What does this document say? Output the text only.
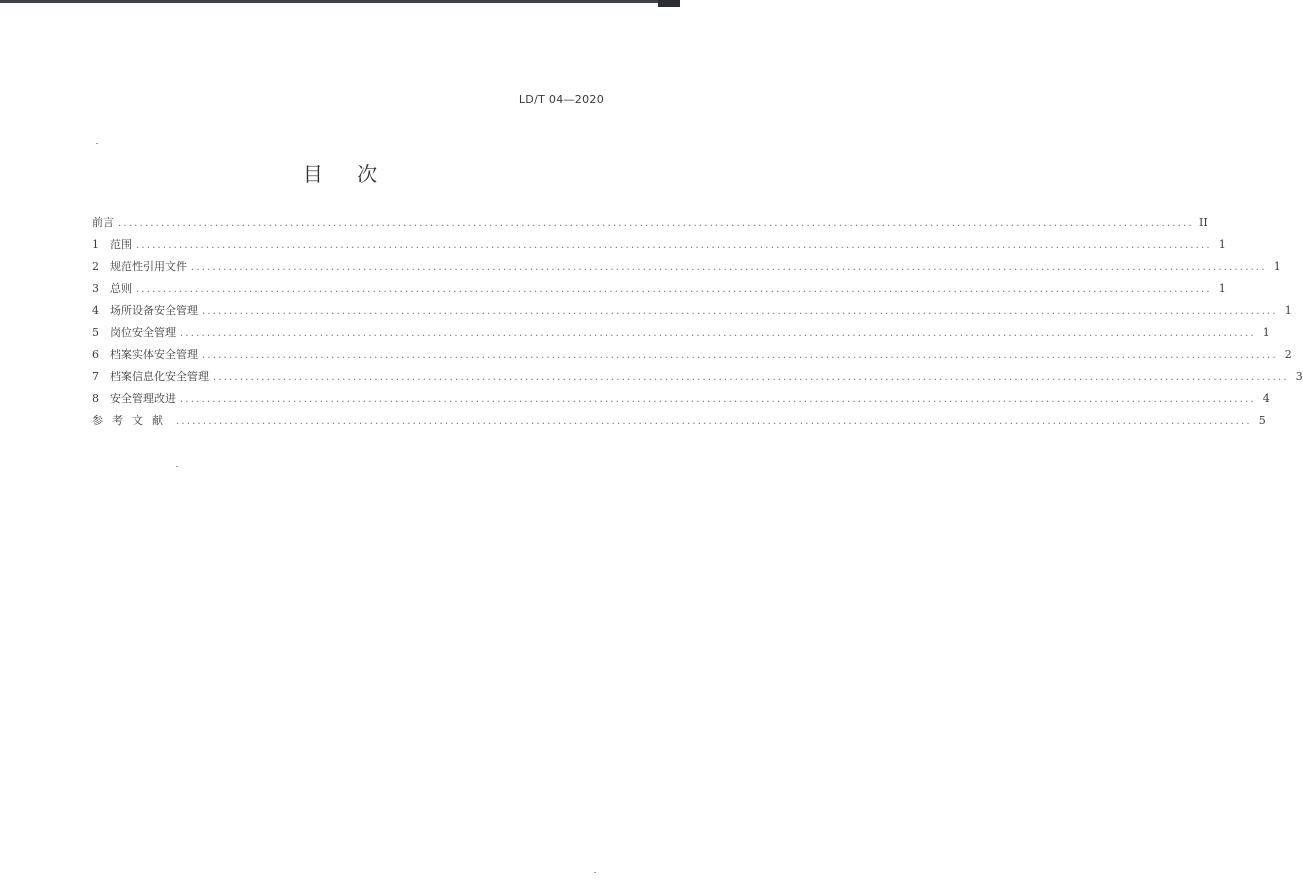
LD/T 04—2020
目 次
前言 ........................................................................................................................................................................................................ II
1	范围 ........................................................................................................................................................................................................ 1
2	规范性引用文件 ........................................................................................................................................................................................................ 1
3	总则 ........................................................................................................................................................................................................ 1
4	场所设备安全管理 ........................................................................................................................................................................................................ 1
5	岗位安全管理 ........................................................................................................................................................................................................ 1
6	档案实体安全管理 ........................................................................................................................................................................................................ 2
7	档案信息化安全管理 ........................................................................................................................................................................................................ 3
8	安全管理改进 ........................................................................................................................................................................................................ 4
参考文献 ........................................................................................................................................................................................................ 5
